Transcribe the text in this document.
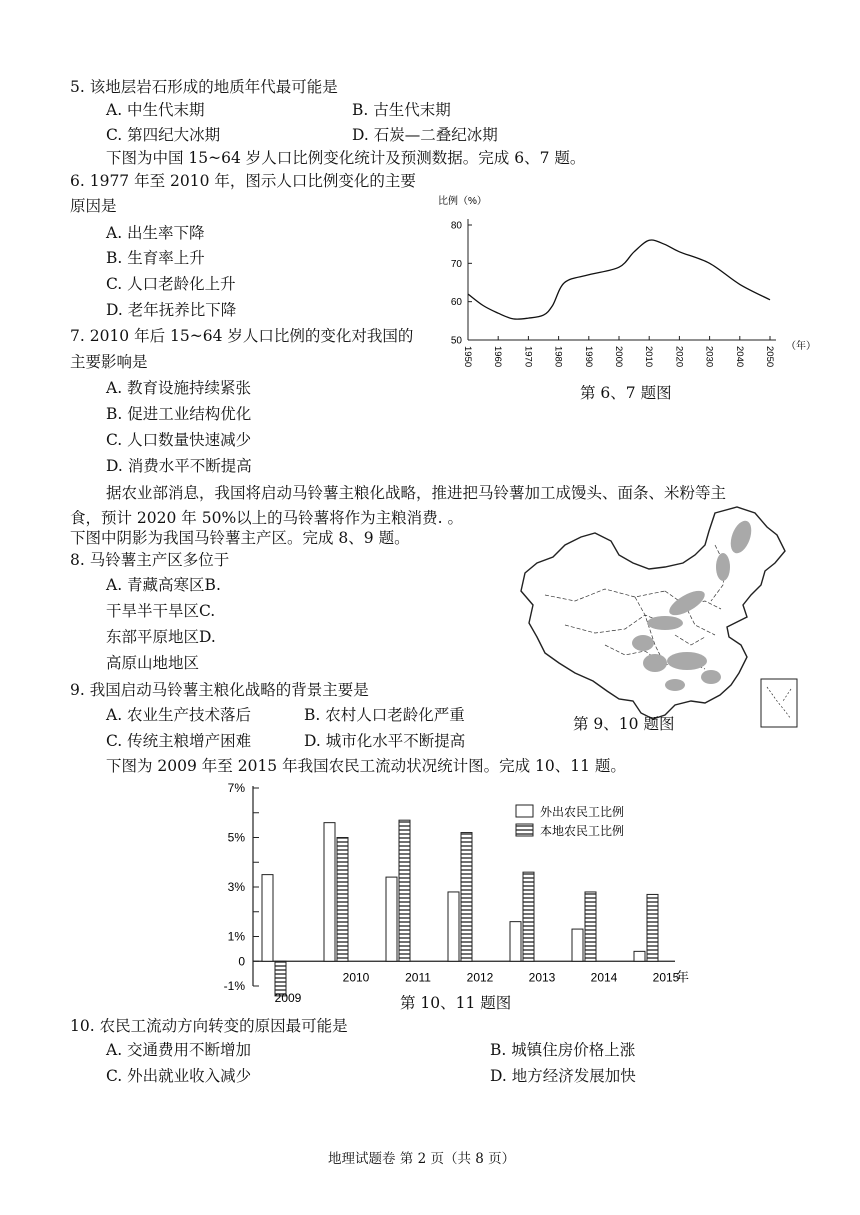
5. 该地层岩石形成的地质年代最可能是
A. 中生代末期	B. 古生代末期
C. 第四纪大冰期	D. 石炭—二叠纪冰期
下图为中国 15~64 岁人口比例变化统计及预测数据。完成 6、7 题。
6. 1977 年至 2010 年，图示人口比例变化的主要
原因是
A. 出生率下降
B. 生育率上升
C. 人口老龄化上升
D. 老年抚养比下降
7. 2010 年后 15~64 岁人口比例的变化对我国的
主要影响是
A. 教育设施持续紧张
B. 促进工业结构优化
C. 人口数量快速减少
D. 消费水平不断提高
比例（%）
80
70
60
50
1950 1960 1970 1980 1990 2000 2010 2020 2030 2040 2050 （年）
第 6、7 题图
据农业部消息，我国将启动马铃薯主粮化战略，推进把马铃薯加工成馒头、面条、米粉等主
食，预计 2020 年 50%以上的马铃薯将作为主粮消费. 。
下图中阴影为我国马铃薯主产区。完成 8、9 题。
8. 马铃薯主产区多位于
A. 青藏高寒区B.
干旱半干旱区C.
东部平原地区D.
高原山地地区
第 9、10 题图
9. 我国启动马铃薯主粮化战略的背景主要是
A. 农业生产技术落后	B. 农村人口老龄化严重
C. 传统主粮增产困难	D. 城市化水平不断提高
下图为 2009 年至 2015 年我国农民工流动状况统计图。完成 10、11 题。
7%
5%
3%
1%
0
-1%
2009
2010	2011	2012	2013	2014	2015
年
外出农民工比例
本地农民工比例
第 10、11 题图
10. 农民工流动方向转变的原因最可能是
A. 交通费用不断增加	B. 城镇住房价格上涨
C. 外出就业收入减少	D. 地方经济发展加快
地理试题卷 第 2 页（共 8 页）
